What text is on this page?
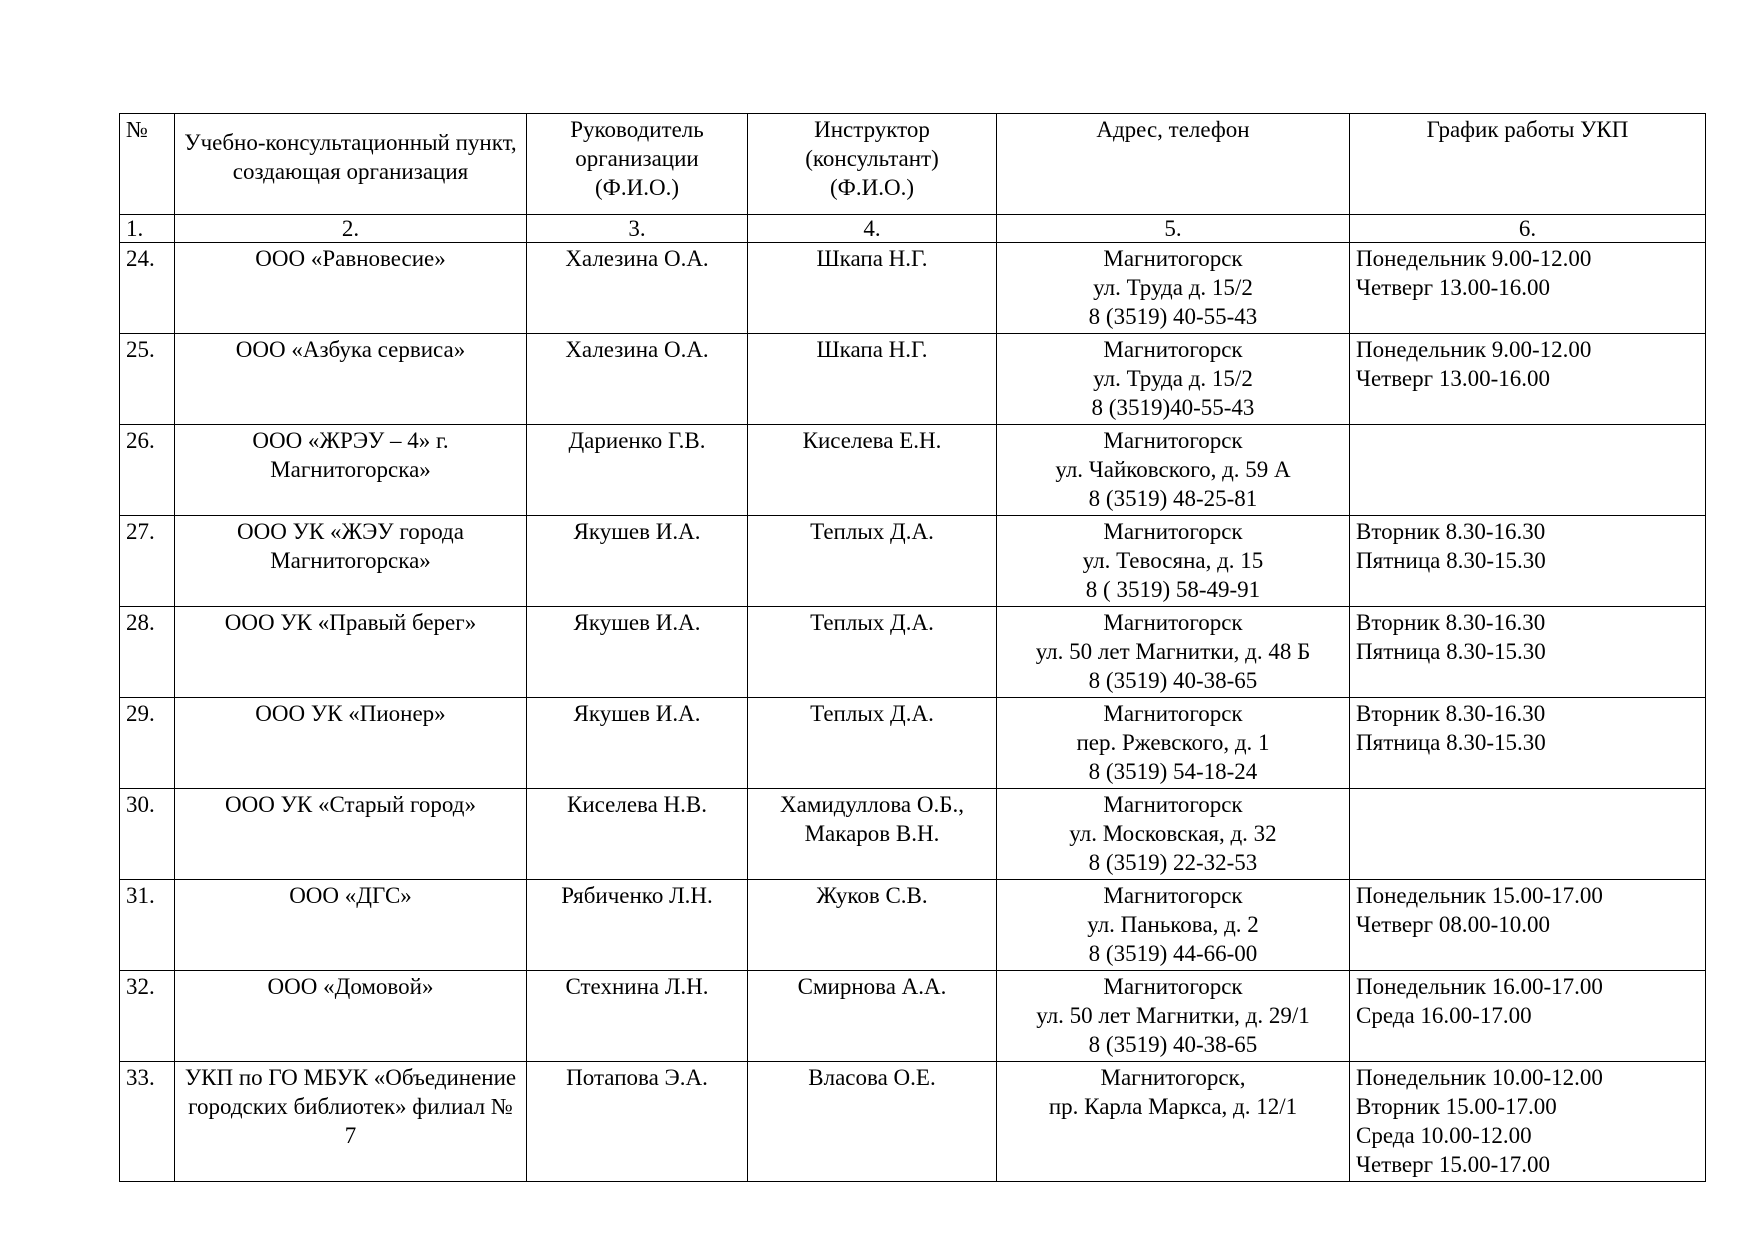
№	Учебно-консультационный пункт, создающая организация	Руководитель
организации
(Ф.И.О.)	Инструктор
(консультант)
(Ф.И.О.)	Адрес, телефон	График работы УКП
1.	2.	3.	4.	5.	6.
24.	ООО «Равновесие»	Халезина О.А.	Шкапа Н.Г.	Магнитогорск
ул. Труда д. 15/2
8 (3519) 40-55-43	Понедельник 9.00-12.00
Четверг 13.00-16.00

25.	ООО «Азбука сервиса»	Халезина О.А.	Шкапа Н.Г.	Магнитогорск
ул. Труда д. 15/2
8 (3519)40-55-43	Понедельник 9.00-12.00
Четверг 13.00-16.00

26.	ООО «ЖРЭУ – 4» г. Магнитогорска»	Дариенко Г.В.	Киселева Е.Н.	Магнитогорск
ул. Чайковского, д. 59 А
8 (3519) 48-25-81	

27.	ООО УК «ЖЭУ города Магнитогорска»	Якушев И.А.	Теплых Д.А.	Магнитогорск
ул. Тевосяна, д. 15
8 ( 3519) 58-49-91	Вторник 8.30-16.30
Пятница 8.30-15.30

28.	ООО УК «Правый берег»	Якушев И.А.	Теплых Д.А.	Магнитогорск
ул. 50 лет Магнитки, д. 48 Б
8 (3519) 40-38-65	Вторник 8.30-16.30
Пятница 8.30-15.30

29.	ООО УК «Пионер»	Якушев И.А.	Теплых Д.А.	Магнитогорск
пер. Ржевского, д. 1
8 (3519) 54-18-24	Вторник 8.30-16.30
Пятница 8.30-15.30

30.	ООО УК «Старый город»	Киселева Н.В.	Хамидуллова О.Б.,
Макаров В.Н.	Магнитогорск
ул. Московская, д. 32
8 (3519) 22-32-53	

31.	ООО «ДГС»	Рябиченко Л.Н.	Жуков С.В.	Магнитогорск
ул. Панькова, д. 2
8 (3519) 44-66-00	Понедельник 15.00-17.00
Четверг 08.00-10.00

32.	ООО «Домовой»	Стехнина Л.Н.	Смирнова А.А.	Магнитогорск
ул. 50 лет Магнитки, д. 29/1
8 (3519) 40-38-65	Понедельник 16.00-17.00
Среда 16.00-17.00

33.	УКП по ГО МБУК «Объединение городских библиотек» филиал № 7	Потапова Э.А.	Власова О.Е.	Магнитогорск,
пр. Карла Маркса, д. 12/1	Понедельник 10.00-12.00
Вторник 15.00-17.00
Среда 10.00-12.00
Четверг 15.00-17.00
